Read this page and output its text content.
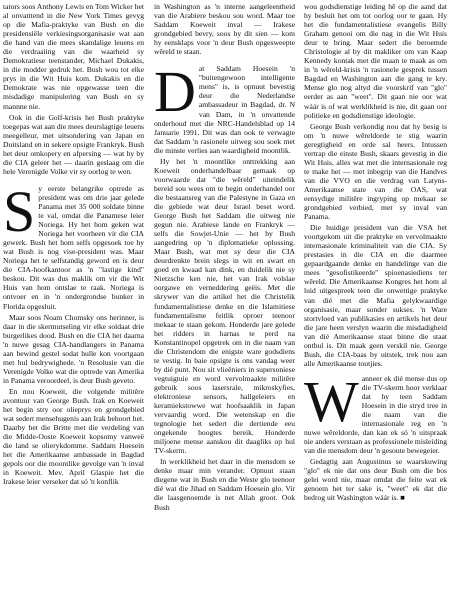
tators soos Anthony Lewis en Tom Wicker het al onvatttend in die New York Times gevyg op die Mafia-praktyke van Bush en die presidensiële verkiesingsorganisasie wat aan die hand van die mees skandalige leuens en die verdraaiing van die waarheid sy Demokratiese teenstander, Michael Dukakis, in die modder gedruk het. Bush wou tot elke prys in die Wit Huis kom. Dukakis en die Demokrate was nie opgewasse teen die misdadige manipulering van Bush en sy mannne nie.

Ook in die Golf-krisis het Bush praktyke toegepas wat aan die mees deurslagtige leuens meegelleur, met uitsondering van Japan en Duitsland en in sekere opsigte Frankryk. Bush het deur omkopery en afpersing — wat hy by die CIA geleer het — daarin geslaag om die hele Verenigde Volke vir sy oorlog te wen.

S y eerste belangrike optrede as president was om drie jaar gelede Panama met 35 000 soldate binne te val, omdat die Panamese leier Noriega. Hy het hom geken wat Noriega het voorheen vir die CIA gewerk. Bush het hom selfs opgesoek toe hy wat Bush is nog vise-president was. Maar Noriega het te selfstandig geword en is deur die CIA-hoofkantoor as 'n "lastige kind" beskou. Dit was dus maklik om vir die Wit Huis van hom ontslae te raak. Noriega is ontvoer en in 'n ondergrondse bunker in Florida opgesluit.

Maar soos Noam Chomsky ons herinner, is daar in die skermutseling vir elke soldaat drie burgerlikes dood. Bush en die CIA het daarna 'n nuwe gesag CIA-handlangers in Panama aan bewind gestel sodat hulle kon voortgaan met hul bedrywighede. 'n Resolusie van die Verenigde Volke wat die optrede van Amerika in Panama veroordeel, is deur Bush geveto.

En nou Koeweit, die volgende militêre avontuur van George Bush. Irak en Koeweit het begin stry oor olieprys en grondgebied wat sedert mensehugenis aan Irak behoort het. Daarby het die Britte met die verdeling van die Midde-Ooste Koeweit kopsomy vanweë die land se olierykdomme. Saddam Hoesein het die Amerikaanse ambassade in Bagdad gepols oor die moontlike gevolge van 'n inval in Koeweit. Mev. April Glaspie het die Irakese leier verseker dat só 'n konflik

in Washington as 'n interne aangeleentheid van die Arabiere beskou sou word. Maar toe Saddam Koeweit inval — Irakese grondgebied bevry, soos hy dit sien — kom hy eensklaps voor 'n deur Bush opgesweepte wêreld te staan.

D at Saddam Hoesein 'n "buitengewoon intelligente mens" is, is opnuut bevestig deur die Nederlandse ambassadeur in Bagdad, dr. N van Dam, in 'n onvattende onderhoud met die NRC-Handelsblad op 14 Januarie 1991. Dit was dan ook te verwagte dat Saddam 'n rasionele uitweg sou soek met die minste verlies aan waardigheid moontlik.

Hy het 'n moontlike onttrekking aan Koeweit onderhandelbaar gemaak op voorwaarde dat "die wêreld" uiteindelik bereid sou wees om te begin onderhandel oor die bestaansreg van die Palestyne in Gaza en die gebiede wat deur Israel beset word. George Bush het Saddam die uitweg nie gegun nie. Arabiese lande en Frankryk — selfs die Sowjet-Unie — het by Bush aangedring op 'n diplomatieke oplossing. Maar Bush, wat met sy deur die CIA deurdrenkte brein slegs in wit en swart en goed en kwaad kan dink, en duidelik nie sy Nietzsche ken nie, het van Irak volslae oorgawe en verneddering geëis. Met die skrywer van die artikel het die Christelik fundamentalistiese denke en die Islamitiese fundamentalisme feitlik oproer teenoor mekaar te staan gekom. Honderde jare gelede het ridders in harnas te perd na Konstantinopel opgetrek om in die naam van die Christendom die enigste ware godsdiens te vestig. In baie opsigte is ons vandag weer by dié punt. Nou sit vlieëniers in supersoniese vegtuigtuie en word vervolmaakte militêre gebruik soos lasersrale, mikroskyfies, elektroniese sensors, hallgeleiers en keramiekstowwe wat hoofsaaklik in Japan vervaardig word. Die wetenskap en die tegnologie het sedert die dertiende eeu ongekende hoogtes bereik. Honderde miljoene mense aanskou dit daagliks op hul TV-skerm.

In werklikheid het daar in die mensdom se denke maar min verander. Opnuut staan diegene wat in Bush en die Weste glo teenoor dié wat die Jihad en Saddam Hoesein glo. Vir die laasgenoemde is net Allah groot. Ook Bush

wou godsdienstige leiding hê op die aand dat hy besluit het om tot oorlog oor te gaan. Hy het die fundamentalistiese evangelis Billy Graham genooi om die nag in die Wit Huis deur te bring. Maar sedert die beroemde Christologie al by dit makliker om van Kaap Kennedy kontak met die maan te maak as om in 'n wêreld-krisis 'n rasionele gesprek tussen Bagdad en Washington aan die gang te kry. Mense glo nog altyd die voorskrif van "glo" eerder as aan "weet". Dit gaan nie oor wat wáár is of wat werklikheid is nie, dit gaan oor politieke en godsdienstige ideologie.

George Bush verkondig nou dat hy besig is om 'n nuwe wêreldorde te stig waarin geregtigheid en orde sal heers. Intussen vertrap die einste Bush, skaars gevestig in die Wit Huis, alles wat met die internasionale reg te make het — met inbegrip van die Handves van die VVO en die verdrag van Latyns-Amerikaanse state van die OAS, wat eensydige militêre ingryping op mekaar se grondgebied verbied, met sy inval van Panama.

Die huidige president van die VSA het voortgekom uit die praktyke en vervolmaakte internasionale kriminaliteit van die CIA. Sy prestasies in die CIA en die daarmee gepaardgaande denke en handelinge van die mees "gesofistikeerde" spioenasiediens ter wêreld. Die Amerikaanse Kongres het hom al luid uitgespreek teen die onwettige praktyke van dié met die Mafia gelykwaardige organisasie, maar sonder sukses. 'n Ware stortvloed van publikasies en artikels het deur die jare heen verslyn waarin die misdadigheid van dié Amerikaanse staat binne die staat ontbul is. Dit maak geen verskil nie. George Bush, die CIA-baas by uitstek, trek nou aan alle Amerikaanse toutjies.

W anneer ek dié mense dus op die TV-skerm hoor verklaar dat hy teen Saddam Hoesein in die stryd tree in die naam van die internasionale reg en 'n nuwe wêreldorde, dan kan ek só 'n uitspraak nie anders verstaan as professionele misleiding van die mensdom deur 'n gesoute bewegeier.

Gedagtig aan Augustinus se waarskuwing "glo" ek nie dat ons deur Bush om die bos gelei word nie, maar omdat die feite wat ek genoem het ter sake is, "weet" ek dat die bedrog uit Washington wáár is. ■
